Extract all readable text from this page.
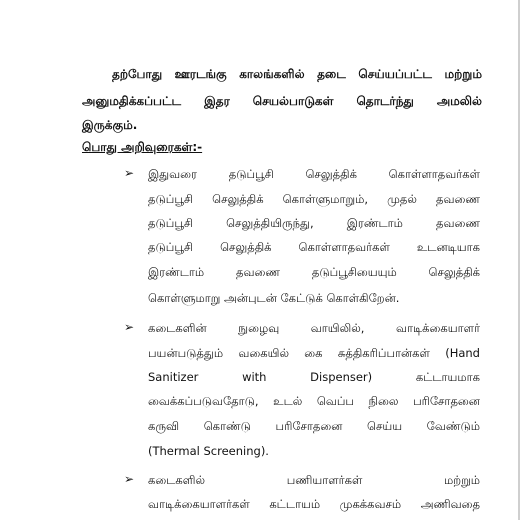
தற்போது ஊரடங்கு காலங்களில் தடை செய்யப்பட்ட மற்றும்
அனுமதிக்கப்பட்ட இதர செயல்பாடுகள் தொடர்ந்து அமலில்
இருக்கும்.
பொது அறிவுரைகள்:-
➢	இதுவரை	தடுப்பூசி	செலுத்திக்	கொள்ளாதவர்கள்
தடுப்பூசி செலுத்திக் கொள்ளுமாறும், முதல் தவணை
தடுப்பூசி	செலுத்தியிருந்து,	இரண்டாம்	தவணை
தடுப்பூசி செலுத்திக் கொள்ளாதவர்கள் உடனடியாக
இரண்டாம்	தவணை	தடுப்பூசியையும்	செலுத்திக்
கொள்ளுமாறு அன்புடன் கேட்டுக் கொள்கிறேன்.
➢	கடைகளின்	நுழைவு	வாயிலில்,	வாடிக்கையாளர்
பயன்படுத்தும் வகையில் கை சுத்திகரிப்பான்கள் (Hand
Sanitizer	with	Dispenser)	கட்டாயமாக
வைக்கப்படுவதோடு, உடல் வெப்ப நிலை பரிசோதனை
கருவி கொண்டு பரிசோதனை செய்ய வேண்டும்
(Thermal Screening).
➢	கடைகளில்	பணியாளர்கள்	மற்றும்
வாடிக்கையாளர்கள் கட்டாயம் முகக்கவசம் அணிவதை
